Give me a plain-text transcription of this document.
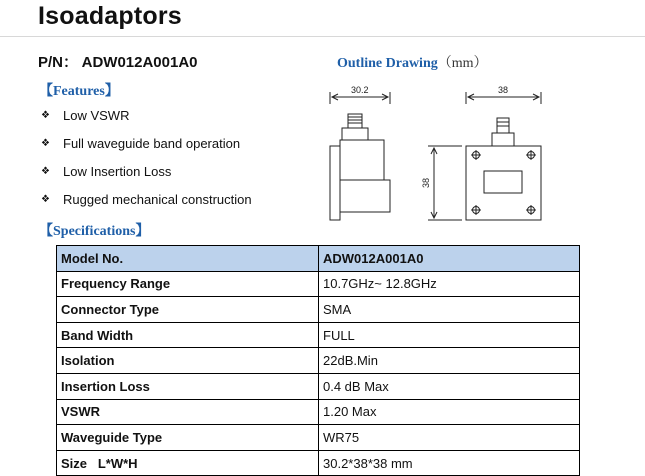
Isoadaptors
P/N： ADW012A001A0	Outline Drawing（mm）
【Features】
❖	Low VSWR
❖	Full waveguide band operation
❖	Low Insertion Loss
❖	Rugged mechanical construction
30.2	38
38
【Specifications】
Model No.	ADW012A001A0
Frequency Range	10.7GHz~ 12.8GHz
Connector Type	SMA
Band Width	FULL
Isolation	22dB.Min
Insertion Loss	0.4 dB Max
VSWR	1.20 Max
Waveguide Type	WR75
Size   L*W*H	30.2*38*38 mm
